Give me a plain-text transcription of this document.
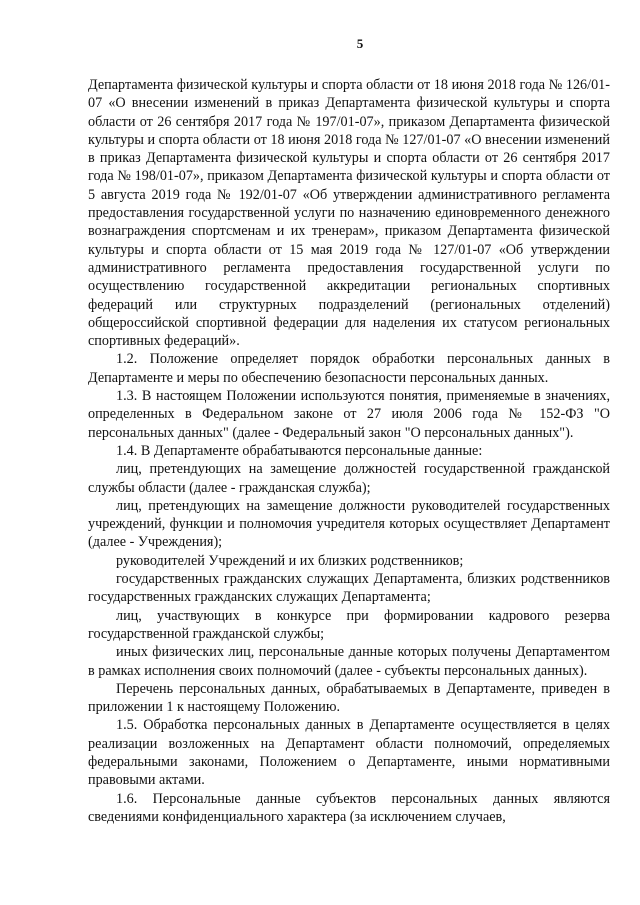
5

Департамента физической культуры и спорта области от 18 июня 2018 года № 126/01-07 «О внесении изменений в приказ Департамента физической культуры и спорта области от 26 сентября 2017 года № 197/01-07», приказом Департамента физической культуры и спорта области от 18 июня 2018 года № 127/01-07 «О внесении изменений в приказ Департамента физической культуры и спорта области от 26 сентября 2017 года № 198/01-07», приказом Департамента физической культуры и спорта области от 5 августа 2019 года № 192/01-07 «Об утверждении административного регламента предоставления государственной услуги по назначению единовременного денежного вознаграждения спортсменам и их тренерам», приказом Департамента физической культуры и спорта области от 15 мая 2019 года № 127/01-07 «Об утверждении административного регламента предоставления государственной услуги по осуществлению государственной аккредитации региональных спортивных федераций или структурных подразделений (региональных отделений) общероссийской спортивной федерации для наделения их статусом региональных спортивных федераций».

1.2. Положение определяет порядок обработки персональных данных в Департаменте и меры по обеспечению безопасности персональных данных.

1.3. В настоящем Положении используются понятия, применяемые в значениях, определенных в Федеральном законе от 27 июля 2006 года № 152-ФЗ "О персональных данных" (далее - Федеральный закон "О персональных данных").

1.4. В Департаменте обрабатываются персональные данные:

лиц, претендующих на замещение должностей государственной гражданской службы области (далее - гражданская служба);

лиц, претендующих на замещение должности руководителей государственных учреждений, функции и полномочия учредителя которых осуществляет Департамент (далее - Учреждения);

руководителей Учреждений и их близких родственников;

государственных гражданских служащих Департамента, близких родственников государственных гражданских служащих Департамента;

лиц, участвующих в конкурсе при формировании кадрового резерва государственной гражданской службы;

иных физических лиц, персональные данные которых получены Департаментом в рамках исполнения своих полномочий (далее - субъекты персональных данных).

Перечень персональных данных, обрабатываемых в Департаменте, приведен в приложении 1 к настоящему Положению.

1.5. Обработка персональных данных в Департаменте осуществляется в целях реализации возложенных на Департамент области полномочий, определяемых федеральными законами, Положением о Департаменте, иными нормативными правовыми актами.

1.6. Персональные данные субъектов персональных данных являются сведениями конфиденциального характера (за исключением случаев,
